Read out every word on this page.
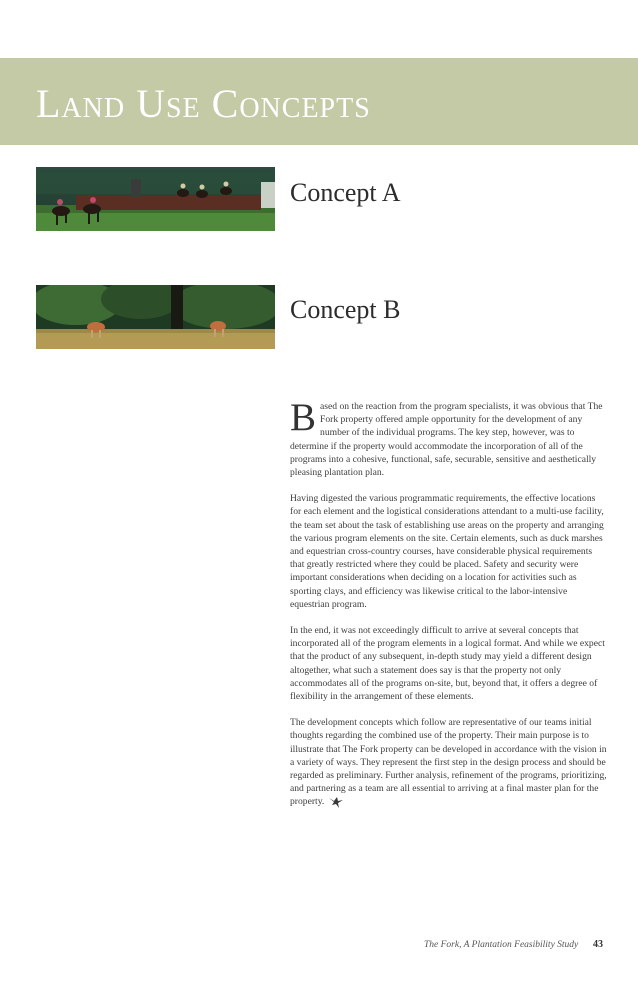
Land Use Concepts
Concept A
Concept B

Based on the reaction from the program specialists, it was obvious that The Fork property offered ample opportunity for the development of any number of the individual programs. The key step, however, was to determine if the property would accommodate the incorporation of all of the programs into a cohesive, functional, safe, securable, sensitive and aesthetically pleasing plantation plan.

Having digested the various programmatic requirements, the effective locations for each element and the logistical considerations attendant to a multi-use facility, the team set about the task of establishing use areas on the property and arranging the various program elements on the site. Certain elements, such as duck marshes and equestrian cross-country courses, have considerable physical requirements that greatly restricted where they could be placed. Safety and security were important considerations when deciding on a location for activities such as sporting clays, and efficiency was likewise critical to the labor-intensive equestrian program.

In the end, it was not exceedingly difficult to arrive at several concepts that incorporated all of the program elements in a logical format. And while we expect that the product of any subsequent, in-depth study may yield a different design altogether, what such a statement does say is that the property not only accommodates all of the programs on-site, but, beyond that, it offers a degree of flexibility in the arrangement of these elements.

The development concepts which follow are representative of our teams initial thoughts regarding the combined use of the property. Their main purpose is to illustrate that The Fork property can be developed in accordance with the vision in a variety of ways. They represent the first step in the design process and should be regarded as preliminary. Further analysis, refinement of the programs, prioritizing, and partnering as a team are all essential to arriving at a final master plan for the property.

The Fork, A Plantation Feasibility Study 43
